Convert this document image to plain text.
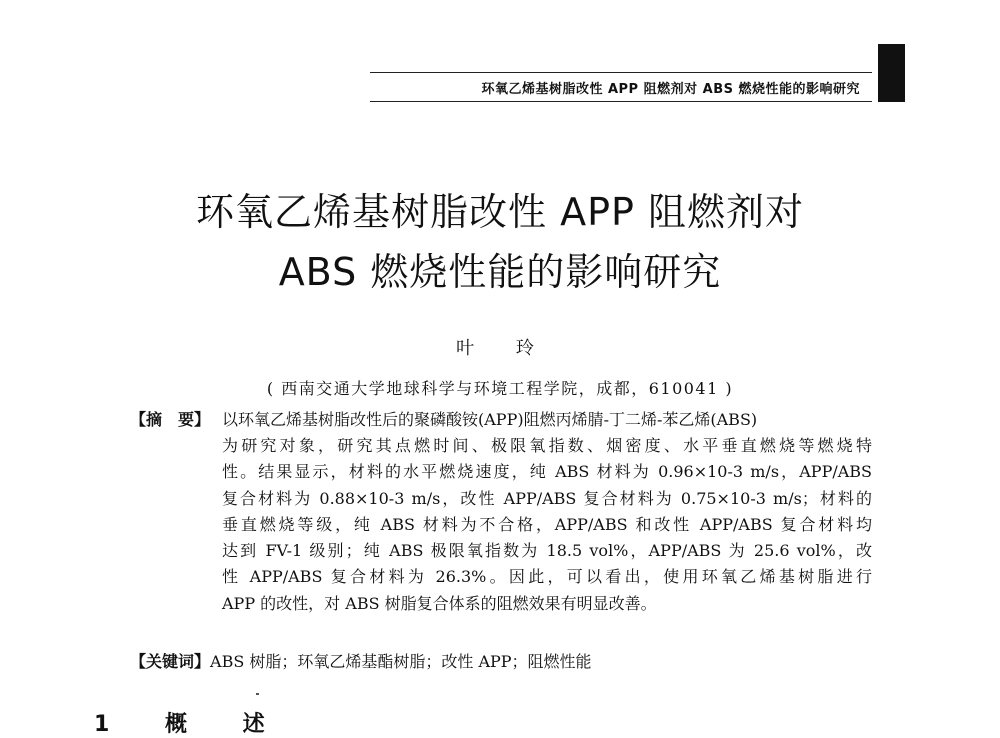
环氧乙烯基树脂改性 APP 阻燃剂对 ABS 燃烧性能的影响研究
环氧乙烯基树脂改性 APP 阻燃剂对
ABS 燃烧性能的影响研究
叶 玲
( 西南交通大学地球科学与环境工程学院，成都，610041 )
【摘　要】 以环氧乙烯基树脂改性后的聚磷酸铵(APP)阻燃丙烯腈-丁二烯-苯乙烯(ABS)
为研究对象，研究其点燃时间、极限氧指数、烟密度、水平垂直燃烧等燃烧特
性。结果显示，材料的水平燃烧速度，纯 ABS 材料为 0.96×10-3 m/s，APP/ABS
复合材料为 0.88×10-3 m/s，改性 APP/ABS 复合材料为 0.75×10-3 m/s；材料的
垂直燃烧等级，纯 ABS 材料为不合格，APP/ABS 和改性 APP/ABS 复合材料均
达到 FV-1 级别；纯 ABS 极限氧指数为 18.5 vol%，APP/ABS 为 25.6 vol%，改
性 APP/ABS 复合材料为 26.3%。因此，可以看出，使用环氧乙烯基树脂进行
APP 的改性，对 ABS 树脂复合体系的阻燃效果有明显改善。
【关键词】ABS 树脂；环氧乙烯基酯树脂；改性 APP；阻燃性能
1 概 述
